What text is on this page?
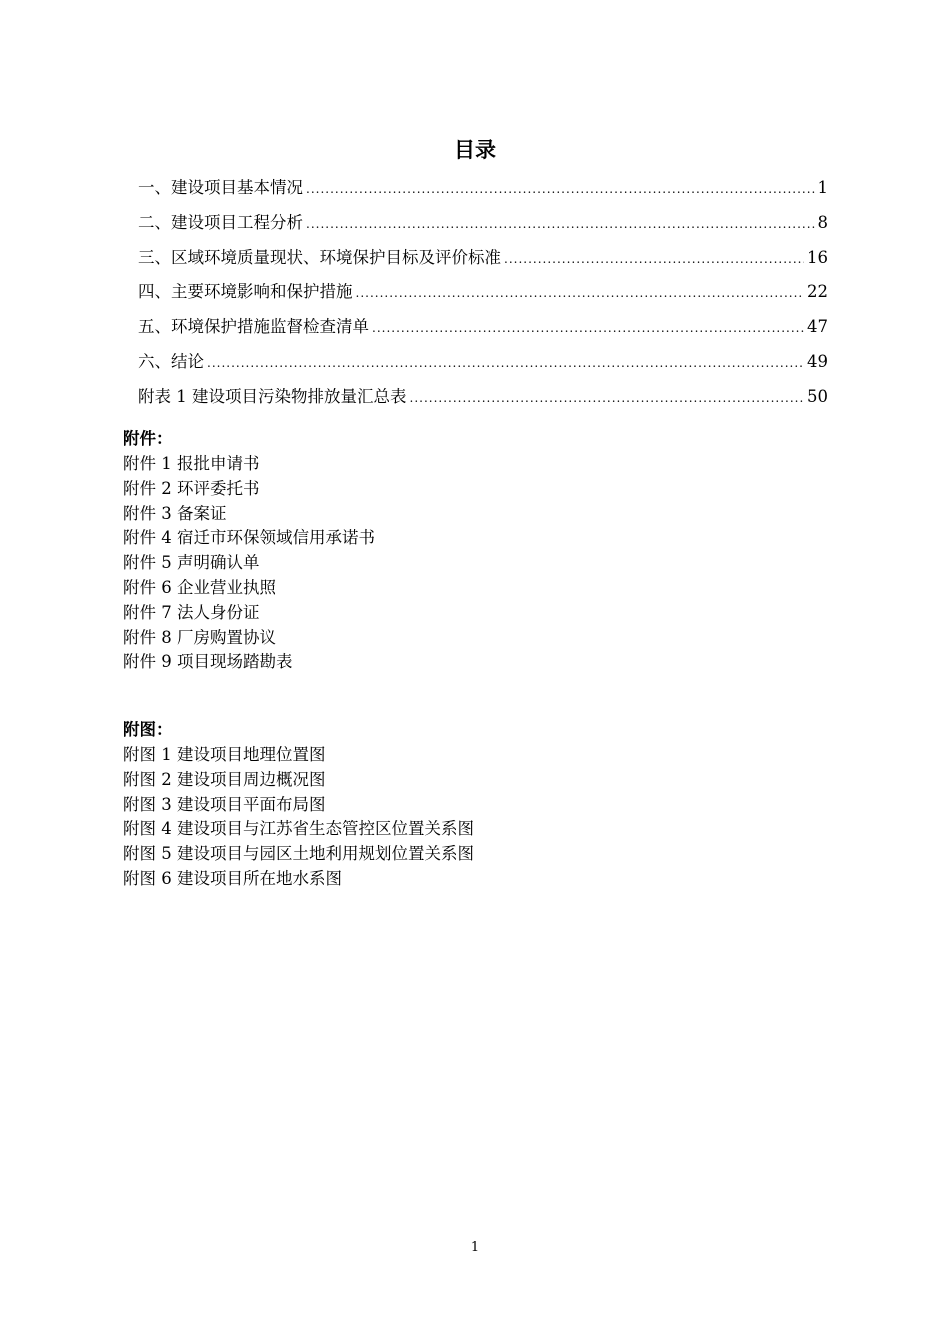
目录
一、建设项目基本情况 .....	1
二、建设项目工程分析 .....	8
三、区域环境质量现状、环境保护目标及评价标准 .....	16
四、主要环境影响和保护措施 .....	22
五、环境保护措施监督检查清单 .....	47
六、结论 .....	49
附表 1 建设项目污染物排放量汇总表 .....	50
附件：
附件 1 报批申请书
附件 2 环评委托书
附件 3 备案证
附件 4 宿迁市环保领域信用承诺书
附件 5 声明确认单
附件 6 企业营业执照
附件 7 法人身份证
附件 8 厂房购置协议
附件 9 项目现场踏勘表
附图：
附图 1 建设项目地理位置图
附图 2 建设项目周边概况图
附图 3 建设项目平面布局图
附图 4 建设项目与江苏省生态管控区位置关系图
附图 5 建设项目与园区土地利用规划位置关系图
附图 6 建设项目所在地水系图
1
